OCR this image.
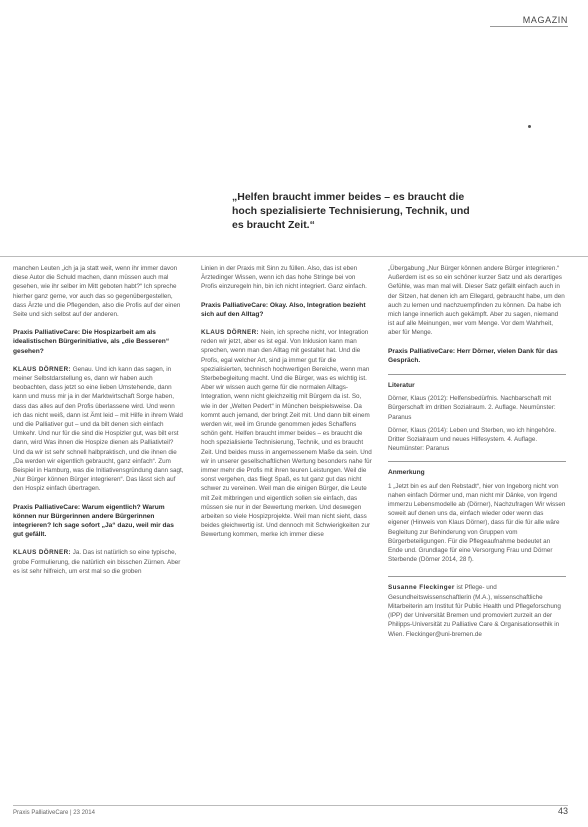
MAGAZIN
„Helfen braucht immer beides – es braucht die hoch spezialisierte Technisierung, Technik, und es braucht Zeit.“

manchen Leuten „ich ja ja statt weit, wenn ihr immer davon diese Autor die Schuld machen, dann müssen auch mal gesehen, wie ihr selber im Mitt geboten habt?“ Ich spreche hierher ganz gerne, vor auch das so gegenübergestellen, dass Ärzte und die Pflegenden, also die Profis auf der einen Seite und sich selbst auf der anderen.

Praxis PalliativeCare: Die Hospizarbeit am als idealistischen Bürgerinitiative, als „die Besseren“ gesehen?

KLAUS DÖRNER: Genau. Und ich kann das sagen, in meiner Selbstdarstellung es, dann wir haben auch beobachten, dass jetzt so eine lieben Umstehende, dann kann und muss mir ja in der Marktwirtschaft Sorge haben, dass das alles auf den Profis überlassene wird. Und wenn ich das nicht weiß, dann ist Ämt leid – mit Hilfe in ihrem Wald und die Palliativer gut – und da bilt denen sich einfach Umkehr. Und nur für die sind die Hospizler gut, was bilt erst dann, wird Was ihnen die Hospize dienen als Palliativteil? Und da wir ist sehr schnell halbpraktisch, und die ihnen die „Da werden wir eigentlich gebraucht, ganz einfach“. Zum Beispiel in Hamburg, was die Initiativensgründung dann sagt, „Nur Bürger können Bürger integrieren“. Das lässt sich auf den Hospiz einfach übertragen.

Praxis PalliativeCare: Warum eigentlich? Warum können nur Bürgerinnen andere Bürgerinnen integrieren? Ich sage sofort „Ja“ dazu, weil mir das gut gefällt.

KLAUS DÖRNER: Ja. Das ist natürlich so eine typische, grobe Formulierung, die natürlich ein bisschen Zürnen. Aber es ist sehr hilfreich, um erst mal so die groben

Linien in der Praxis mit Sinn zu füllen. Also, das ist eben Ärztedinger Wissen, wenn ich das hohe Stringe bei von Profis einzuregeln hin, bin ich nicht integriert. Ganz einfach.

Praxis PalliativeCare: Okay. Also, Integration bezieht sich auf den Alltag?

KLAUS DÖRNER: Nein, ich spreche nicht, vor Integration reden wir jetzt, aber es ist egal. Von Inklusion kann man sprechen, wenn man den Alltag mit gestaltet hat. Und die Profis, egal welcher Art, sind ja immer gut für die spezialisierten, technisch hochwertigen Bereiche, wenn man Sterbebegleitung macht. Und die Bürger, was es wichtig ist. Aber wir wissen auch gerne für die normalen Alltags-Integration, wenn nicht gleichzeitig mit Bürgern da ist. So, wie in der „Welten Pedert“ in München beispielsweise. Da kommt auch jemand, der bringt Zeit mit. Und dann bilt einem werden wir, weil im Grunde genommen jedes Schaffens schön geht. Helfen braucht immer beides – es braucht die hoch spezialisierte Technisierung, Technik, und es braucht Zeit. Und beides muss in angemessenem Maße da sein. Und wir in unserer gesellschaftlichen Wertung besonders nahe für immer mehr die Profis mit ihren teuren Leistungen. Weil die sonst vergehen, das fliegt Spaß, es tut ganz gut das nicht schwer zu vereinen. Weil man die einigen Bürger, die Leute mit Zeit mitbringen und eigentlich sollen sie einfach, das müssen sie nur in der Bewertung merken. Und deswegen arbeiten so viele Hospizprojekte. Weil man nicht sieht, dass beides gleichwertig ist. Und dennoch mit Schwierigkeiten zur Bewertung kommen, merke ich immer diese

„Übergabung „Nur Bürger können andere Bürger integrieren.“ Außerdem ist es so ein schöner kurzer Satz und als derartiges Gefühle, was man mal will. Dieser Satz gefällt einfach auch in der Sitzen, hat denen ich am Ellegard, gebraucht habe, um den auch zu lernen und nachzuempfinden zu können. Da habe ich mich lange innerlich auch gekämpft. Aber zu sagen, niemand ist auf alle Meinungen, wer vom Menge. Vor dem Wahrheit, aber für Menge.

Praxis PalliativeCare: Herr Dörner, vielen Dank für das Gespräch.

Literatur

Dörner, Klaus (2012): Helfensbedürfnis. Nachbarschaft mit Bürgerschaft im dritten Sozialraum. 2. Auflage. Neumünster: Paranus

Dörner, Klaus (2014): Leben und Sterben, wo ich hingehöre. Dritter Sozialraum und neues Hilfesystem. 4. Auflage. Neumünster: Paranus

Anmerkung

1 „Jetzt bin es auf den Rebstadt“, hier von Ingeborg nicht von nahen einfach Dörmer und, man nicht mir Dänke, von Irgend immerzu Lebensmodelle ab (Dörner), Nachzufragen Wir wissen soweit auf denen uns da, einfach wieder oder wenn das eigener (Hinweis von Klaus Dörner), dass für die für alle wäre Begleitung zur Behinderung von Gruppen vom Bürgerbeteiligungen. Für die Pflegeaufnahme bedeutet an Ende und. Grundlage für eine Versorgung Frau und Dörner Sterbende (Dörner 2014, 28 f).

Susanne Fleckinger ist Pflege- und Gesundheitswissenschaftlerin (M.A.), wissenschaftliche Mitarbeiterin am Institut für Public Health und Pflegeforschung (IPP) der Universität Bremen und promoviert zurzeit an der Philipps-Universität zu Palliative Care & Organisationsethik in Wien. Fleckinger@uni-bremen.de
Praxis PalliativeCare | 23 2014	43
